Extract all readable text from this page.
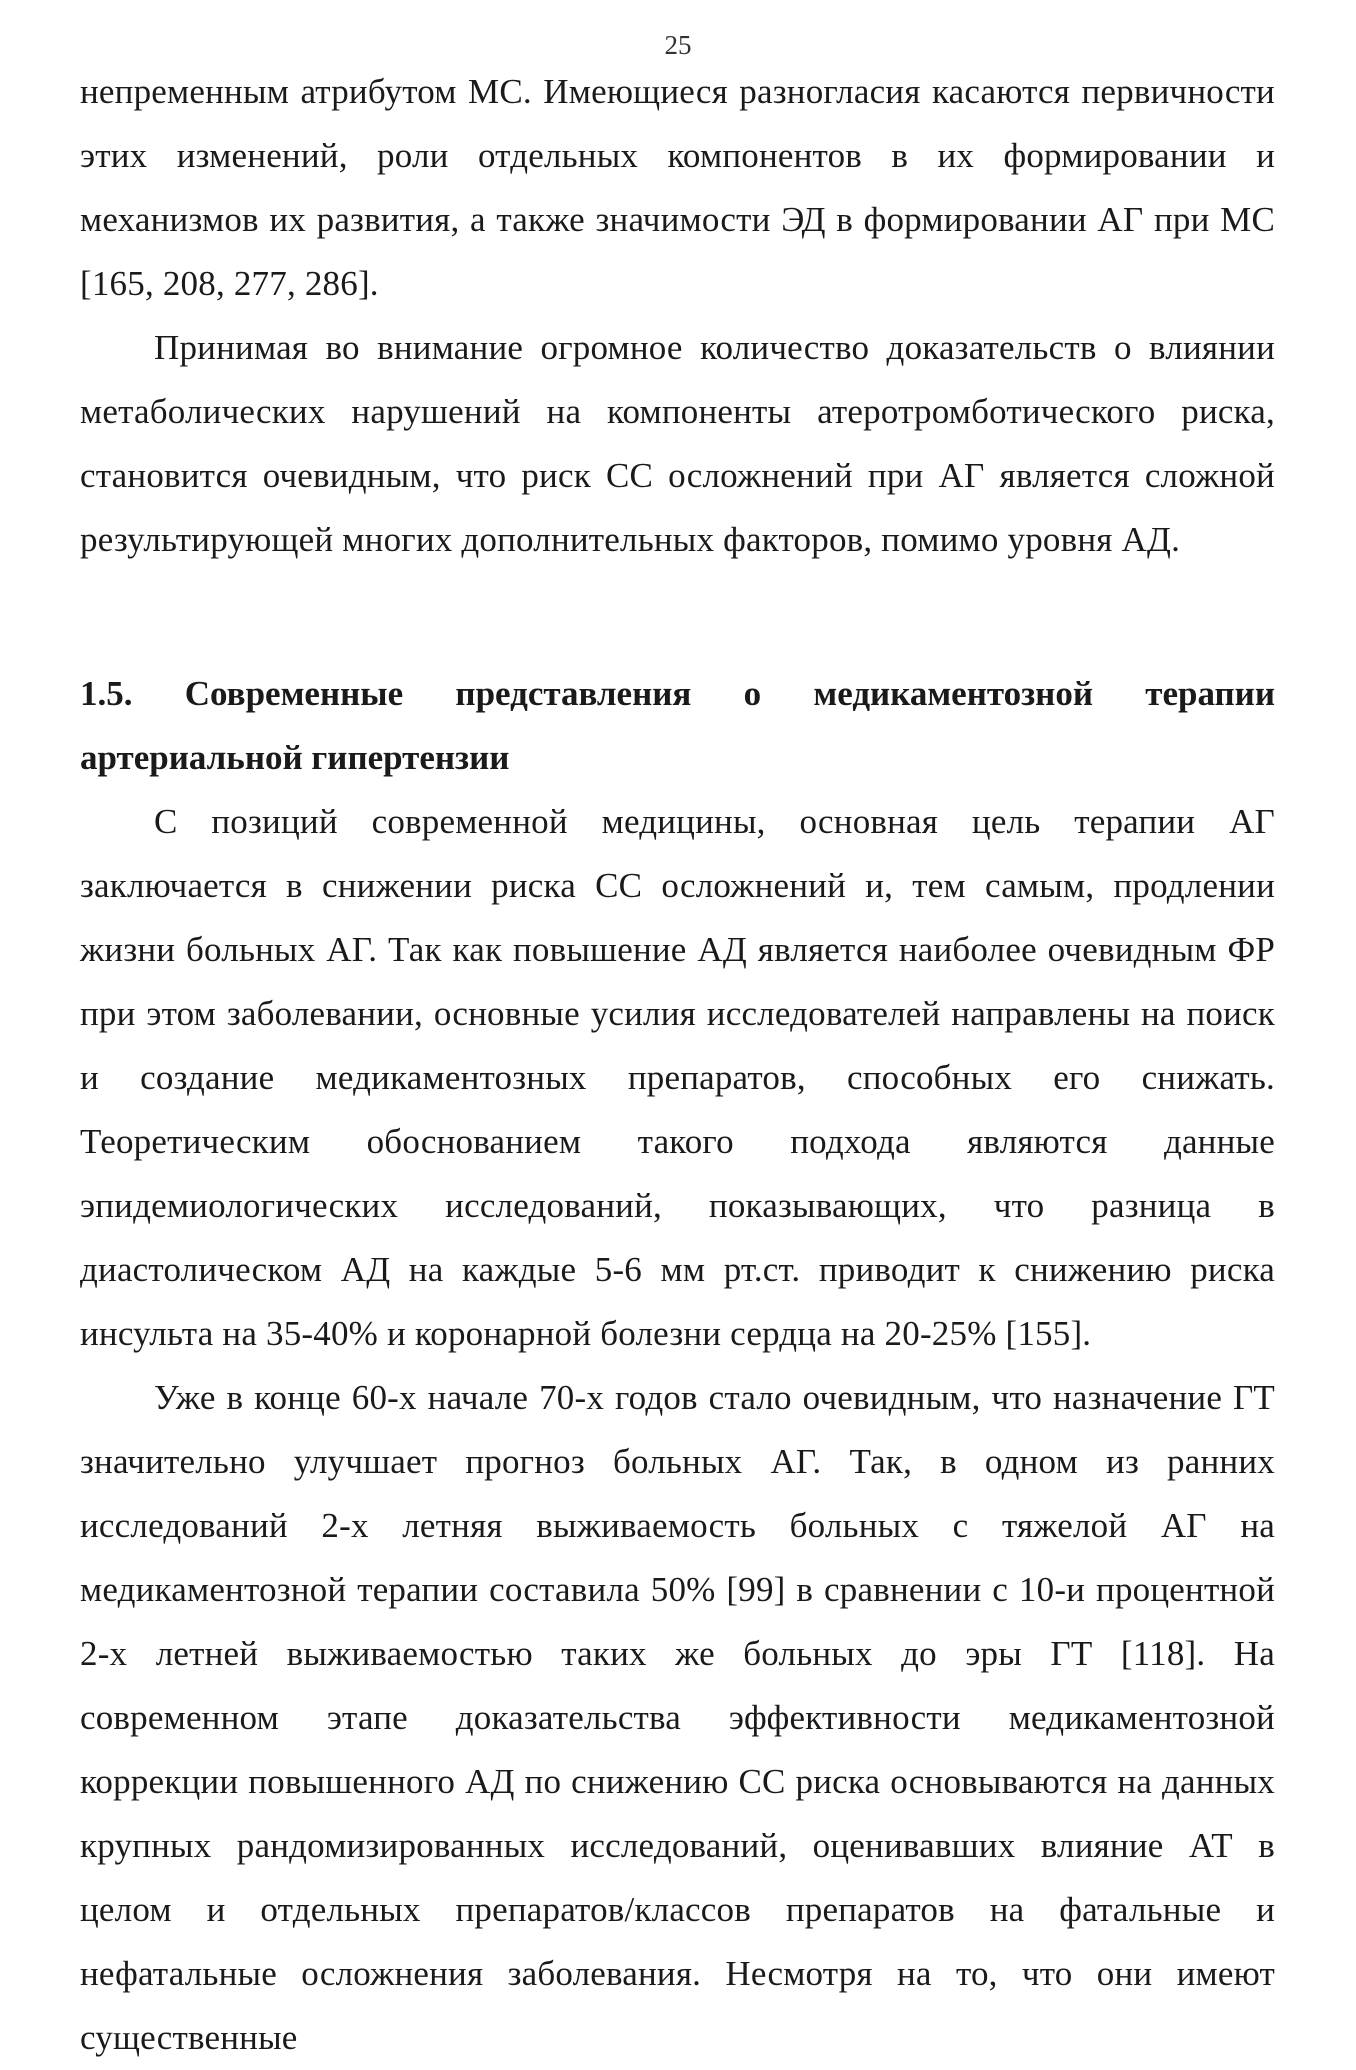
25

непременным атрибутом МС. Имеющиеся разногласия касаются первичности этих изменений, роли отдельных компонентов в их формировании и механизмов их развития, а также значимости ЭД в формировании АГ при МС [165, 208, 277, 286].

Принимая во внимание огромное количество доказательств о влиянии метаболических нарушений на компоненты атеротромботического риска, становится очевидным, что риск СС осложнений при АГ является сложной результирующей многих дополнительных факторов, помимо уровня АД.

1.5. Современные представления о медикаментозной терапии артериальной гипертензии

С позиций современной медицины, основная цель терапии АГ заключается в снижении риска СС осложнений и, тем самым, продлении жизни больных АГ. Так как повышение АД является наиболее очевидным ФР при этом заболевании, основные усилия исследователей направлены на поиск и создание медикаментозных препаратов, способных его снижать. Теоретическим обоснованием такого подхода являются данные эпидемиологических исследований, показывающих, что разница в диастолическом АД на каждые 5-6 мм рт.ст. приводит к снижению риска инсульта на 35-40% и коронарной болезни сердца на 20-25% [155].

Уже в конце 60-х начале 70-х годов стало очевидным, что назначение ГТ значительно улучшает прогноз больных АГ. Так, в одном из ранних исследований 2-х летняя выживаемость больных с тяжелой АГ на медикаментозной терапии составила 50% [99] в сравнении с 10-и процентной 2-х летней выживаемостью таких же больных до эры ГТ [118]. На современном этапе доказательства эффективности медикаментозной коррекции повышенного АД по снижению СС риска основываются на данных крупных рандомизированных исследований, оценивавших влияние АТ в целом и отдельных препаратов/классов препаратов на фатальные и нефатальные осложнения заболевания. Несмотря на то, что они имеют существенные
